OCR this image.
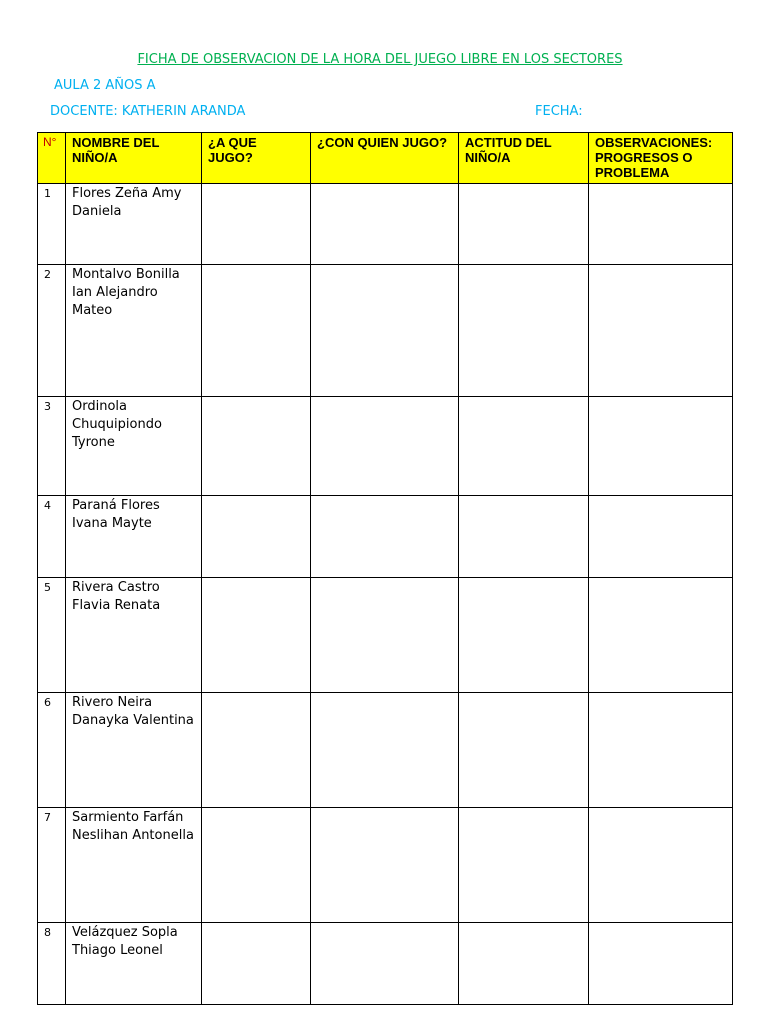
FICHA DE OBSERVACION DE LA HORA DEL JUEGO LIBRE EN LOS SECTORES
AULA 2 AÑOS A
DOCENTE: KATHERIN ARANDA	FECHA:
N°	NOMBRE DEL NIÑO/A	¿A QUE JUGO?	¿CON QUIEN JUGO?	ACTITUD DEL NIÑO/A	OBSERVACIONES: PROGRESOS O PROBLEMA

1	Flores Zeña Amy Daniela				

2	Montalvo Bonilla Ian Alejandro Mateo				

3	Ordinola Chuquipiondo Tyrone				

4	Paraná Flores Ivana Mayte				

5	Rivera Castro Flavia Renata				

6	Rivero Neira Danayka Valentina				

7	Sarmiento Farfán Neslihan Antonella				

8	Velázquez Sopla Thiago Leonel				
